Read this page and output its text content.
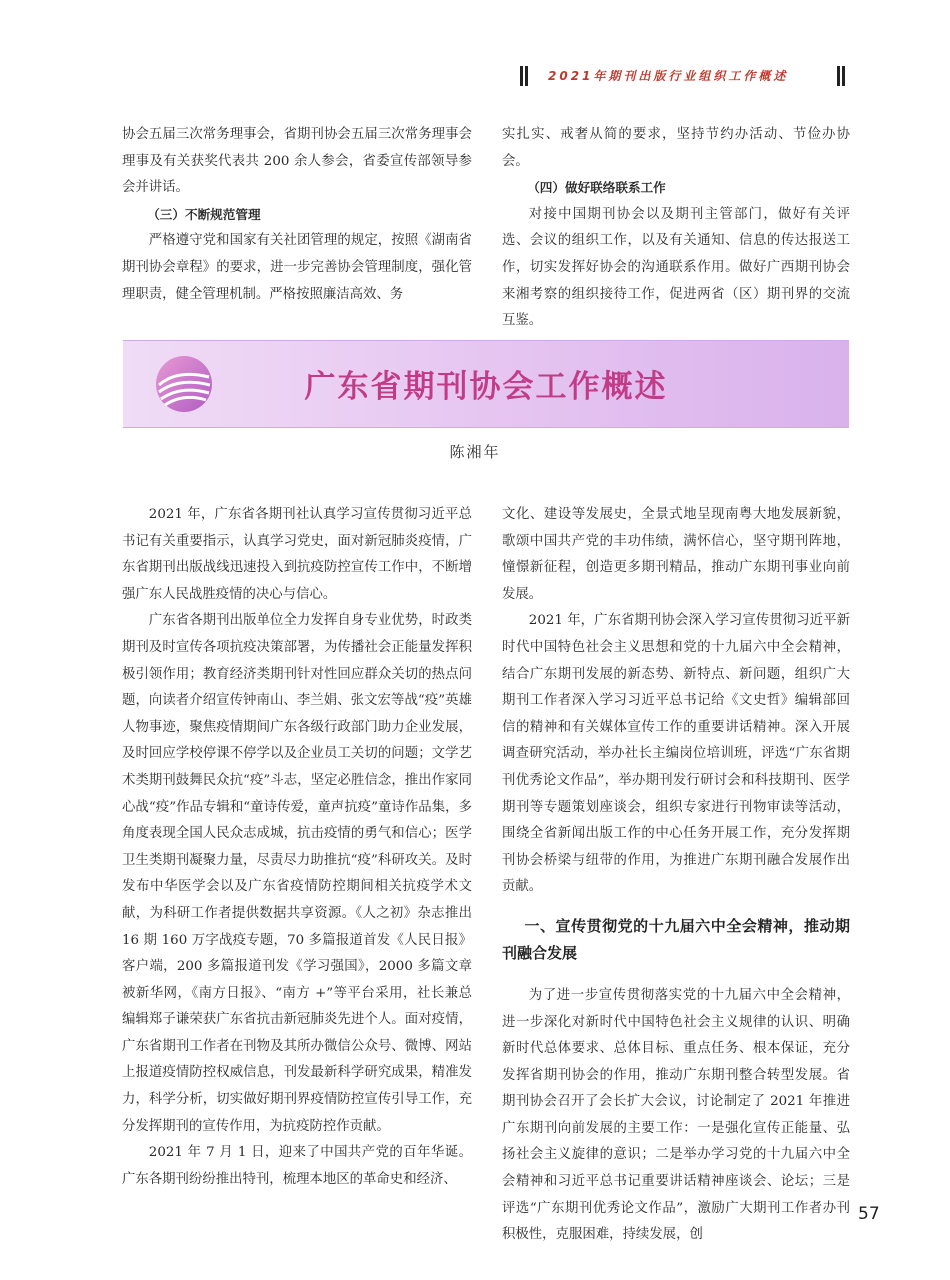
2021年期刊出版行业组织工作概述

协会五届三次常务理事会，省期刊协会五届三次常务理事会理事及有关获奖代表共 200 余人参会，省委宣传部领导参会并讲话。

（三）不断规范管理

严格遵守党和国家有关社团管理的规定，按照《湖南省期刊协会章程》的要求，进一步完善协会管理制度，强化管理职责，健全管理机制。严格按照廉洁高效、务

实扎实、戒奢从简的要求，坚持节约办活动、节俭办协会。

（四）做好联络联系工作

对接中国期刊协会以及期刊主管部门，做好有关评选、会议的组织工作，以及有关通知、信息的传达报送工作，切实发挥好协会的沟通联系作用。做好广西期刊协会来湘考察的组织接待工作，促进两省（区）期刊界的交流互鉴。

广东省期刊协会工作概述
陈湘年

2021 年，广东省各期刊社认真学习宣传贯彻习近平总书记有关重要指示，认真学习党史，面对新冠肺炎疫情，广东省期刊出版战线迅速投入到抗疫防控宣传工作中，不断增强广东人民战胜疫情的决心与信心。

广东省各期刊出版单位全力发挥自身专业优势，时政类期刊及时宣传各项抗疫决策部署，为传播社会正能量发挥积极引领作用；教育经济类期刊针对性回应群众关切的热点问题，向读者介绍宣传钟南山、李兰娟、张文宏等战“疫”英雄人物事迹，聚焦疫情期间广东各级行政部门助力企业发展，及时回应学校停课不停学以及企业员工关切的问题；文学艺术类期刊鼓舞民众抗“疫”斗志，坚定必胜信念，推出作家同心战“疫”作品专辑和“童诗传爱，童声抗疫”童诗作品集，多角度表现全国人民众志成城，抗击疫情的勇气和信心；医学卫生类期刊凝聚力量，尽责尽力助推抗“疫”科研攻关。及时发布中华医学会以及广东省疫情防控期间相关抗疫学术文献，为科研工作者提供数据共享资源。《人之初》杂志推出 16 期 160 万字战疫专题，70 多篇报道首发《人民日报》客户端，200 多篇报道刊发《学习强国》，2000 多篇文章被新华网，《南方日报》、“南方 +”等平台采用，社长兼总编辑郑子谦荣获广东省抗击新冠肺炎先进个人。面对疫情，广东省期刊工作者在刊物及其所办微信公众号、微博、网站上报道疫情防控权威信息，刊发最新科学研究成果，精准发力，科学分析，切实做好期刊界疫情防控宣传引导工作，充分发挥期刊的宣传作用，为抗疫防控作贡献。

2021 年 7 月 1 日，迎来了中国共产党的百年华诞。广东各期刊纷纷推出特刊，梳理本地区的革命史和经济、

文化、建设等发展史，全景式地呈现南粤大地发展新貌，歌颂中国共产党的丰功伟绩，满怀信心，坚守期刊阵地，憧憬新征程，创造更多期刊精品，推动广东期刊事业向前发展。

2021 年，广东省期刊协会深入学习宣传贯彻习近平新时代中国特色社会主义思想和党的十九届六中全会精神，结合广东期刊发展的新态势、新特点、新问题，组织广大期刊工作者深入学习习近平总书记给《文史哲》编辑部回信的精神和有关媒体宣传工作的重要讲话精神。深入开展调查研究活动，举办社长主编岗位培训班，评选“广东省期刊优秀论文作品”，举办期刊发行研讨会和科技期刊、医学期刊等专题策划座谈会，组织专家进行刊物审读等活动，围绕全省新闻出版工作的中心任务开展工作，充分发挥期刊协会桥梁与纽带的作用，为推进广东期刊融合发展作出贡献。

一、宣传贯彻党的十九届六中全会精神，推动期刊融合发展

为了进一步宣传贯彻落实党的十九届六中全会精神，进一步深化对新时代中国特色社会主义规律的认识、明确新时代总体要求、总体目标、重点任务、根本保证，充分发挥省期刊协会的作用，推动广东期刊整合转型发展。省期刊协会召开了会长扩大会议，讨论制定了 2021 年推进广东期刊向前发展的主要工作：一是强化宣传正能量、弘扬社会主义旋律的意识；二是举办学习党的十九届六中全会精神和习近平总书记重要讲话精神座谈会、论坛；三是评选“广东期刊优秀论文作品”，激励广大期刊工作者办刊积极性，克服困难，持续发展，创

57
